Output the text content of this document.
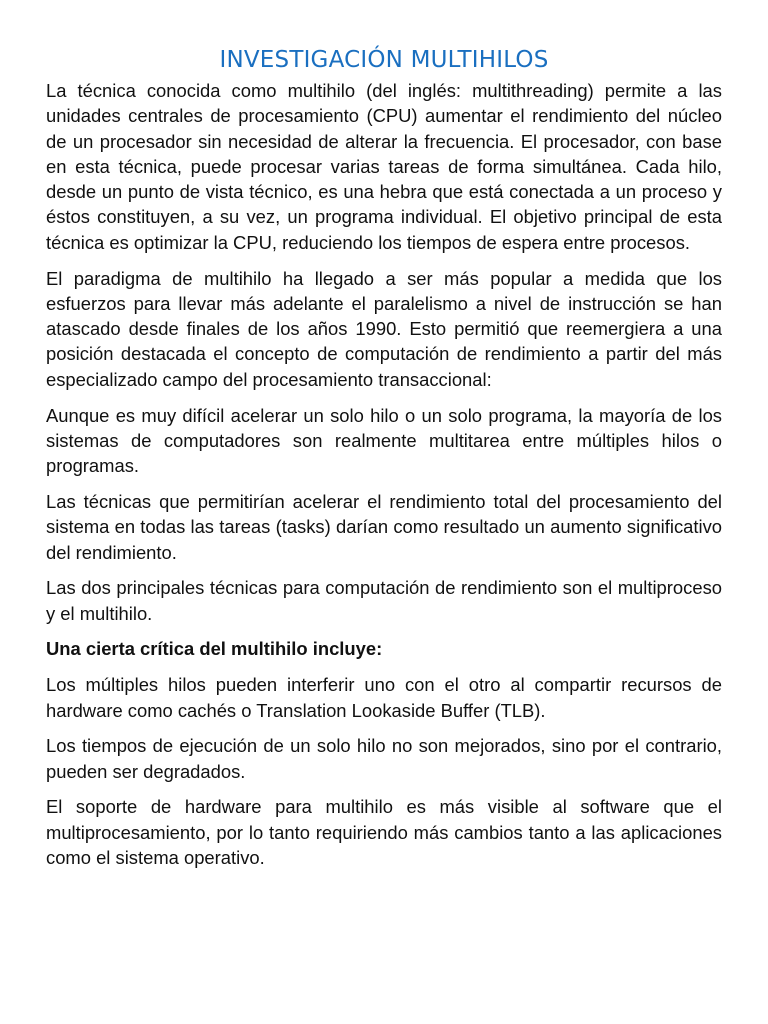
INVESTIGACIÓN MULTIHILOS

La técnica conocida como multihilo (del inglés: multithreading) permite a las unidades centrales de procesamiento (CPU) aumentar el rendimiento del núcleo de un procesador sin necesidad de alterar la frecuencia. El procesador, con base en esta técnica, puede procesar varias tareas de forma simultánea. Cada hilo, desde un punto de vista técnico, es una hebra que está conectada a un proceso y éstos constituyen, a su vez, un programa individual. El objetivo principal de esta técnica es optimizar la CPU, reduciendo los tiempos de espera entre procesos.

El paradigma de multihilo ha llegado a ser más popular a medida que los esfuerzos para llevar más adelante el paralelismo a nivel de instrucción se han atascado desde finales de los años 1990. Esto permitió que reemergiera a una posición destacada el concepto de computación de rendimiento a partir del más especializado campo del procesamiento transaccional:

Aunque es muy difícil acelerar un solo hilo o un solo programa, la mayoría de los sistemas de computadores son realmente multitarea entre múltiples hilos o programas.

Las técnicas que permitirían acelerar el rendimiento total del procesamiento del sistema en todas las tareas (tasks) darían como resultado un aumento significativo del rendimiento.

Las dos principales técnicas para computación de rendimiento son el multiproceso y el multihilo.

Una cierta crítica del multihilo incluye:

Los múltiples hilos pueden interferir uno con el otro al compartir recursos de hardware como cachés o Translation Lookaside Buffer (TLB).

Los tiempos de ejecución de un solo hilo no son mejorados, sino por el contrario, pueden ser degradados.

El soporte de hardware para multihilo es más visible al software que el multiprocesamiento, por lo tanto requiriendo más cambios tanto a las aplicaciones como el sistema operativo.
